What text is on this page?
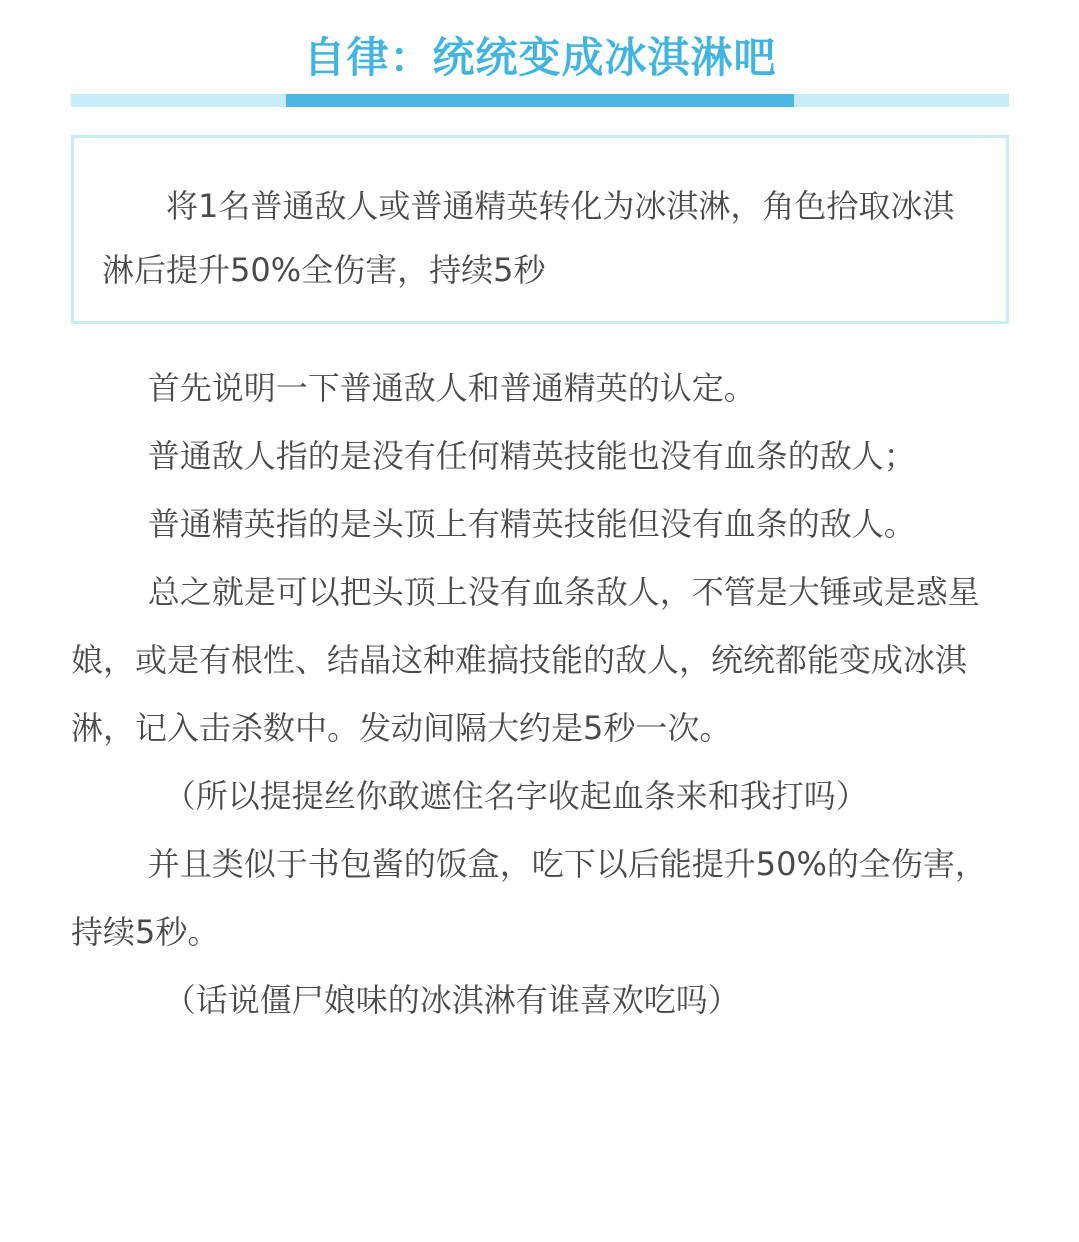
自律：统统变成冰淇淋吧

将1名普通敌人或普通精英转化为冰淇淋，角色拾取冰淇淋后提升50%全伤害，持续5秒

首先说明一下普通敌人和普通精英的认定。

普通敌人指的是没有任何精英技能也没有血条的敌人；

普通精英指的是头顶上有精英技能但没有血条的敌人。

总之就是可以把头顶上没有血条敌人，不管是大锤或是惑星娘，或是有根性、结晶这种难搞技能的敌人，统统都能变成冰淇淋，记入击杀数中。发动间隔大约是5秒一次。

（所以提提丝你敢遮住名字收起血条来和我打吗）

并且类似于书包酱的饭盒，吃下以后能提升50%的全伤害，持续5秒。

（话说僵尸娘味的冰淇淋有谁喜欢吃吗）
